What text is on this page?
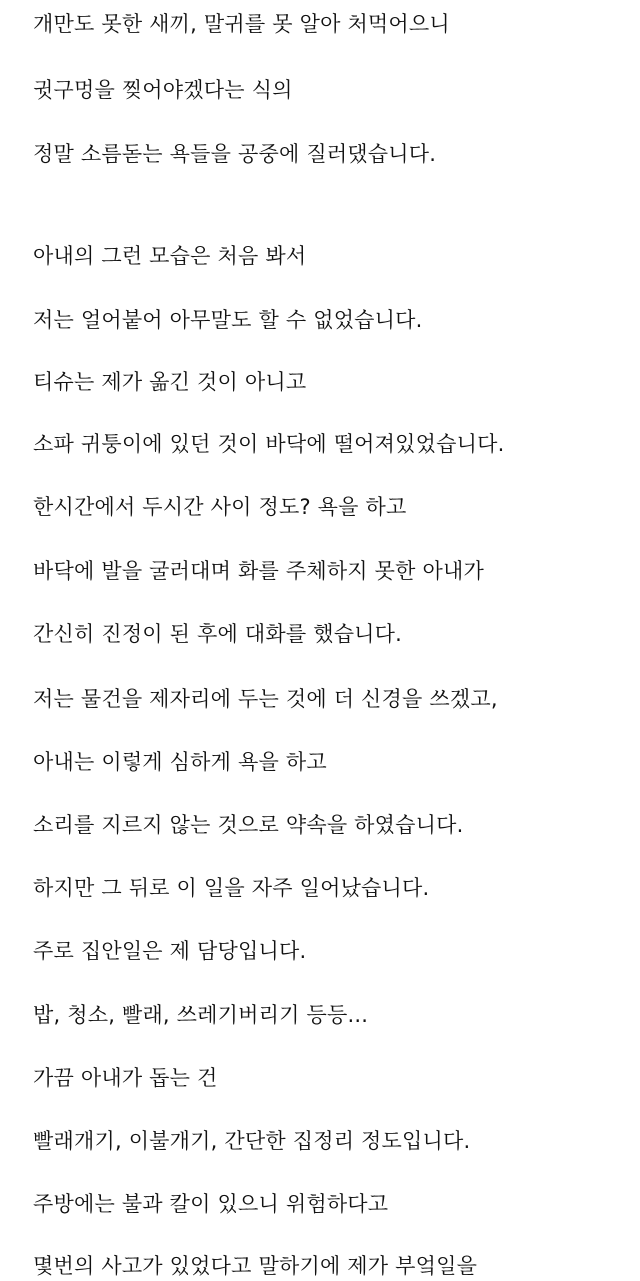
개만도 못한 새끼, 말귀를 못 알아 처먹어으니
귓구멍을 찢어야겠다는 식의
정말 소름돋는 욕들을 공중에 질러댔습니다.
아내의 그런 모습은 처음 봐서
저는 얼어붙어 아무말도 할 수 없었습니다.
티슈는 제가 옮긴 것이 아니고
소파 귀퉁이에 있던 것이 바닥에 떨어져있었습니다.
한시간에서 두시간 사이 정도? 욕을 하고
바닥에 발을 굴러대며 화를 주체하지 못한 아내가
간신히 진정이 된 후에 대화를 했습니다.
저는 물건을 제자리에 두는 것에 더 신경을 쓰겠고,
아내는 이렇게 심하게 욕을 하고
소리를 지르지 않는 것으로 약속을 하였습니다.
하지만 그 뒤로 이 일을 자주 일어났습니다.
주로 집안일은 제 담당입니다.
밥, 청소, 빨래, 쓰레기버리기 등등...
가끔 아내가 돕는 건
빨래개기, 이불개기, 간단한 집정리 정도입니다.
주방에는 불과 칼이 있으니 위험하다고
몇번의 사고가 있었다고 말하기에 제가 부엌일을
